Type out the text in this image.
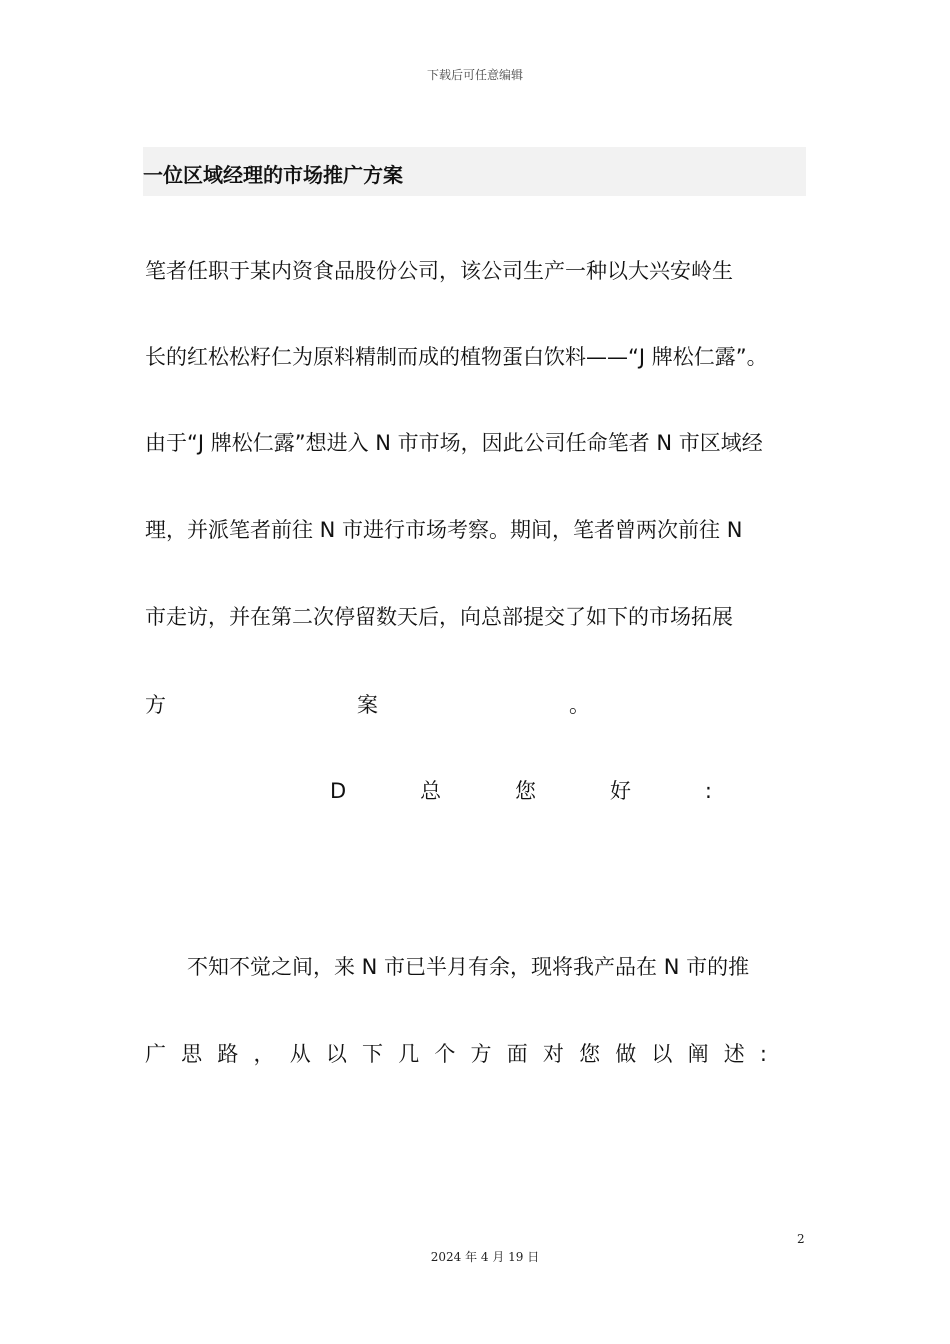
下载后可任意编辑
一位区域经理的市场推广方案

笔者任职于某内资食品股份公司，该公司生产一种以大兴安岭生

长的红松松籽仁为原料精制而成的植物蛋白饮料——“J 牌松仁露”。

由于“J 牌松仁露”想进入 N 市市场，因此公司任命笔者 N 市区域经

理，并派笔者前往 N 市进行市场考察。期间，笔者曾两次前往 N

市走访，并在第二次停留数天后，向总部提交了如下的市场拓展

方	案	。
D	总	您	好	:

　　不知不觉之间，来 N 市已半月有余，现将我产品在 N 市的推

广 思 路 ， 从 以 下 几 个 方 面 对 您 做 以 阐 述 :
2
2024 年 4 月 19 日
